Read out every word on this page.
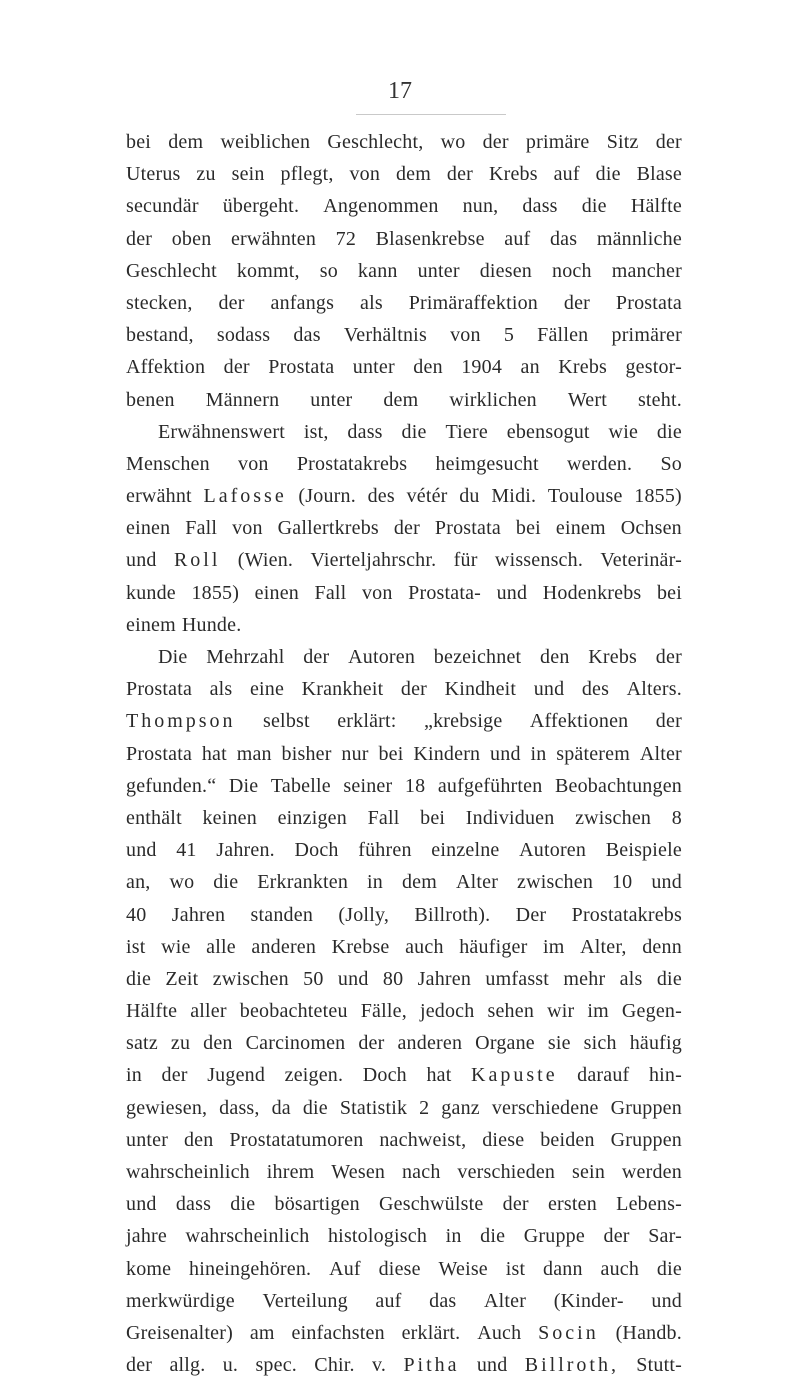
17
bei dem weiblichen Geschlecht, wo der primäre Sitz der
Uterus zu sein pflegt, von dem der Krebs auf die Blase
secundär übergeht. Angenommen nun, dass die Hälfte
der oben erwähnten 72 Blasenkrebse auf das männliche
Geschlecht kommt, so kann unter diesen noch mancher
stecken, der anfangs als Primäraffektion der Prostata
bestand, sodass das Verhältnis von 5 Fällen primärer
Affektion der Prostata unter den 1904 an Krebs gestor-
benen Männern unter dem wirklichen Wert steht.
Erwähnenswert ist, dass die Tiere ebensogut wie die
Menschen von Prostatakrebs heimgesucht werden. So
erwähnt Lafosse (Journ. des vétér du Midi. Toulouse 1855)
einen Fall von Gallertkrebs der Prostata bei einem Ochsen
und Roll (Wien. Vierteljahrschr. für wissensch. Veterinär-
kunde 1855) einen Fall von Prostata- und Hodenkrebs bei
einem Hunde.
Die Mehrzahl der Autoren bezeichnet den Krebs der
Prostata als eine Krankheit der Kindheit und des Alters.
Thompson selbst erklärt: „krebsige Affektionen der
Prostata hat man bisher nur bei Kindern und in späterem Alter
gefunden.“ Die Tabelle seiner 18 aufgeführten Beobachtungen
enthält keinen einzigen Fall bei Individuen zwischen 8
und 41 Jahren. Doch führen einzelne Autoren Beispiele
an, wo die Erkrankten in dem Alter zwischen 10 und
40 Jahren standen (Jolly, Billroth). Der Prostatakrebs
ist wie alle anderen Krebse auch häufiger im Alter, denn
die Zeit zwischen 50 und 80 Jahren umfasst mehr als die
Hälfte aller beobachteteu Fälle, jedoch sehen wir im Gegen-
satz zu den Carcinomen der anderen Organe sie sich häufig
in der Jugend zeigen. Doch hat Kapuste darauf hin-
gewiesen, dass, da die Statistik 2 ganz verschiedene Gruppen
unter den Prostatatumoren nachweist, diese beiden Gruppen
wahrscheinlich ihrem Wesen nach verschieden sein werden
und dass die bösartigen Geschwülste der ersten Lebens-
jahre wahrscheinlich histologisch in die Gruppe der Sar-
kome hineingehören. Auf diese Weise ist dann auch die
merkwürdige Verteilung auf das Alter (Kinder- und
Greisenalter) am einfachsten erklärt. Auch Socin (Handb.
der allg. u. spec. Chir. v. Pitha und Billroth, Stutt-
